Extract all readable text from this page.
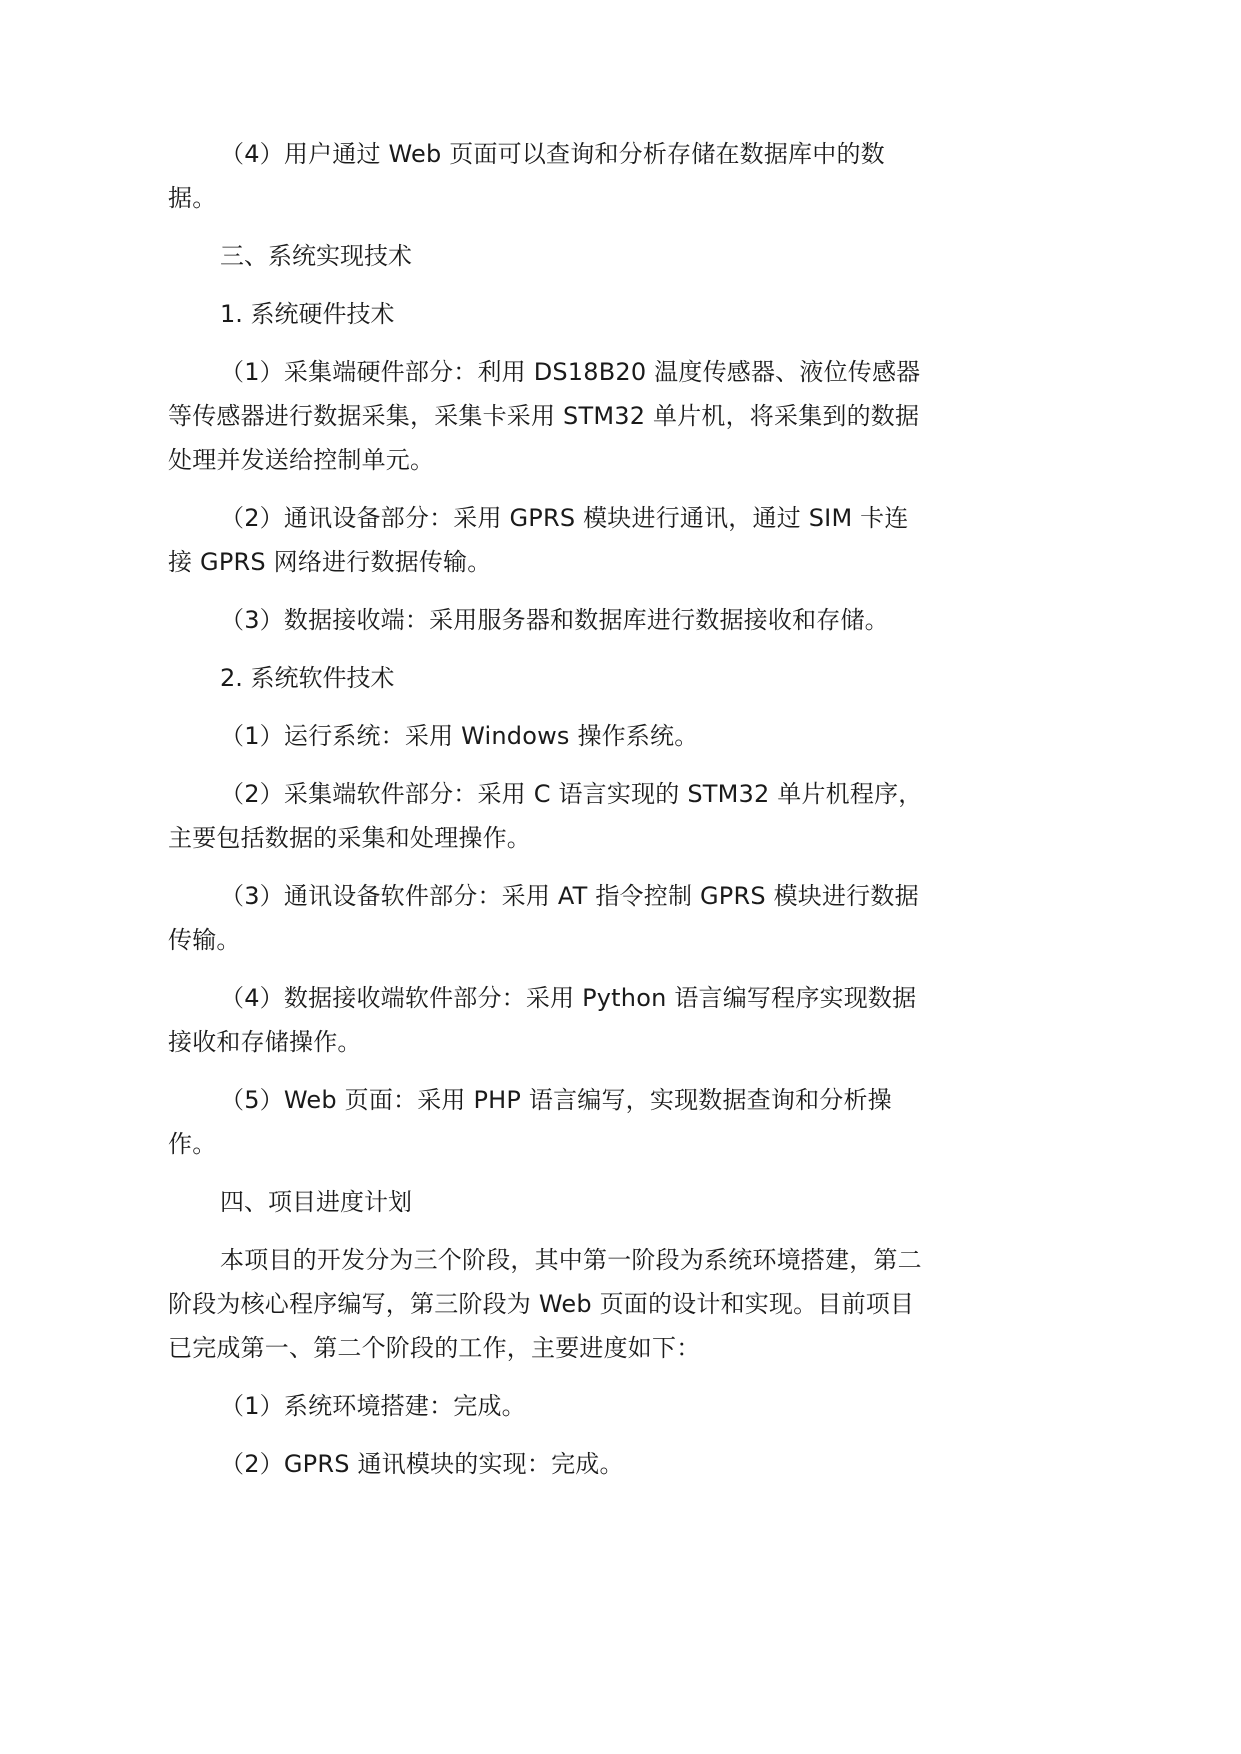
（4）用户通过 Web 页面可以查询和分析存储在数据库中的数据。

三、系统实现技术

1. 系统硬件技术

（1）采集端硬件部分：利用 DS18B20 温度传感器、液位传感器等传感器进行数据采集，采集卡采用 STM32 单片机，将采集到的数据处理并发送给控制单元。

（2）通讯设备部分：采用 GPRS 模块进行通讯，通过 SIM 卡连接 GPRS 网络进行数据传输。

（3）数据接收端：采用服务器和数据库进行数据接收和存储。

2. 系统软件技术

（1）运行系统：采用 Windows 操作系统。

（2）采集端软件部分：采用 C 语言实现的 STM32 单片机程序，主要包括数据的采集和处理操作。

（3）通讯设备软件部分：采用 AT 指令控制 GPRS 模块进行数据传输。

（4）数据接收端软件部分：采用 Python 语言编写程序实现数据接收和存储操作。

（5）Web 页面：采用 PHP 语言编写，实现数据查询和分析操作。

四、项目进度计划

本项目的开发分为三个阶段，其中第一阶段为系统环境搭建，第二阶段为核心程序编写，第三阶段为 Web 页面的设计和实现。目前项目已完成第一、第二个阶段的工作，主要进度如下：

（1）系统环境搭建：完成。

（2）GPRS 通讯模块的实现：完成。
